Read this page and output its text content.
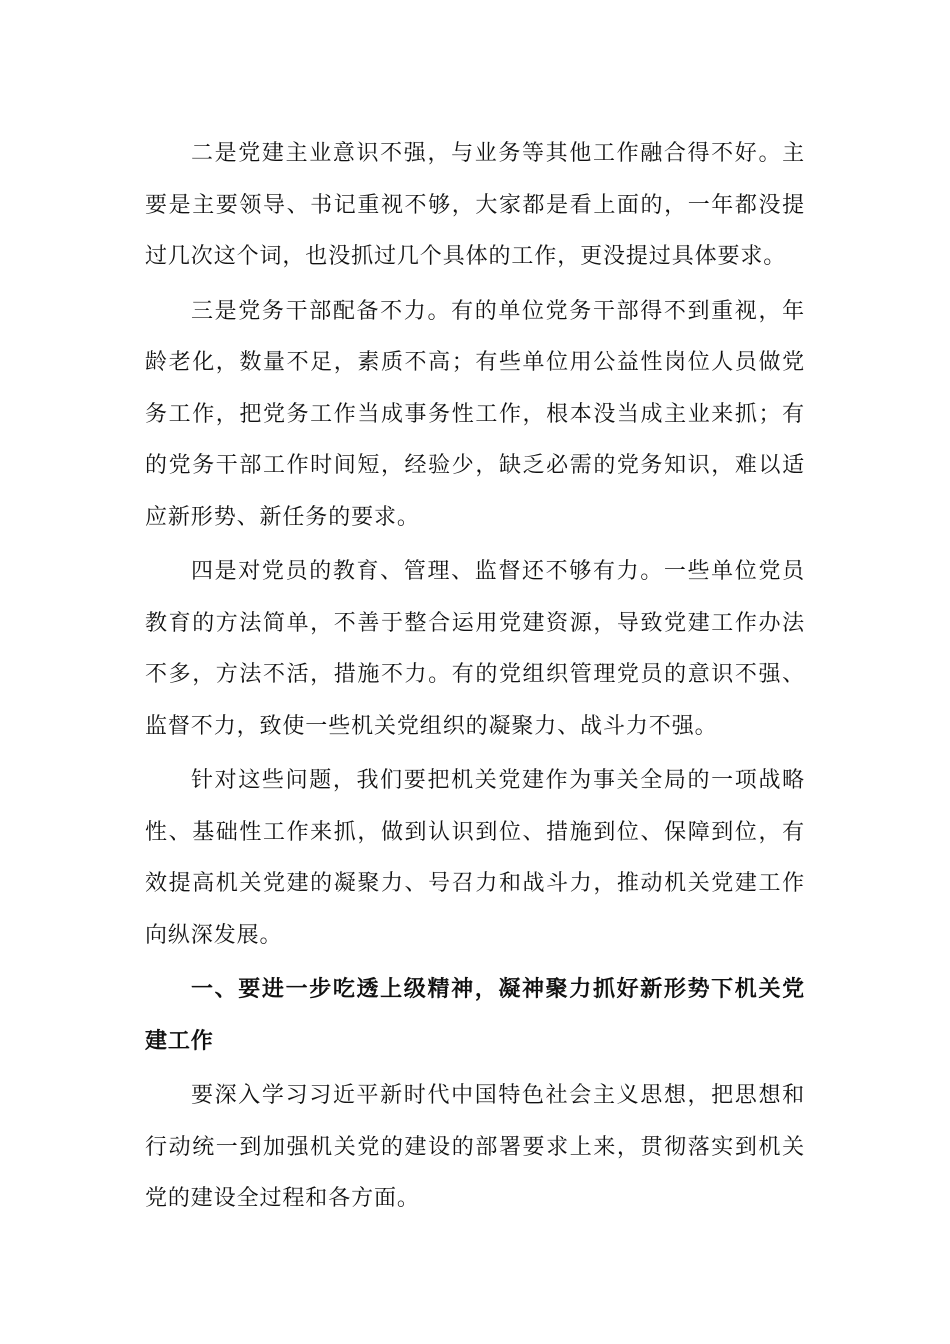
二是党建主业意识不强，与业务等其他工作融合得不好。主要是主要领导、书记重视不够，大家都是看上面的，一年都没提过几次这个词，也没抓过几个具体的工作，更没提过具体要求。

三是党务干部配备不力。有的单位党务干部得不到重视，年龄老化，数量不足，素质不高；有些单位用公益性岗位人员做党务工作，把党务工作当成事务性工作，根本没当成主业来抓；有的党务干部工作时间短，经验少，缺乏必需的党务知识，难以适应新形势、新任务的要求。

四是对党员的教育、管理、监督还不够有力。一些单位党员教育的方法简单，不善于整合运用党建资源，导致党建工作办法不多，方法不活，措施不力。有的党组织管理党员的意识不强、监督不力，致使一些机关党组织的凝聚力、战斗力不强。

针对这些问题，我们要把机关党建作为事关全局的一项战略性、基础性工作来抓，做到认识到位、措施到位、保障到位，有效提高机关党建的凝聚力、号召力和战斗力，推动机关党建工作向纵深发展。

一、要进一步吃透上级精神，凝神聚力抓好新形势下机关党建工作

要深入学习习近平新时代中国特色社会主义思想，把思想和行动统一到加强机关党的建设的部署要求上来，贯彻落实到机关党的建设全过程和各方面。
